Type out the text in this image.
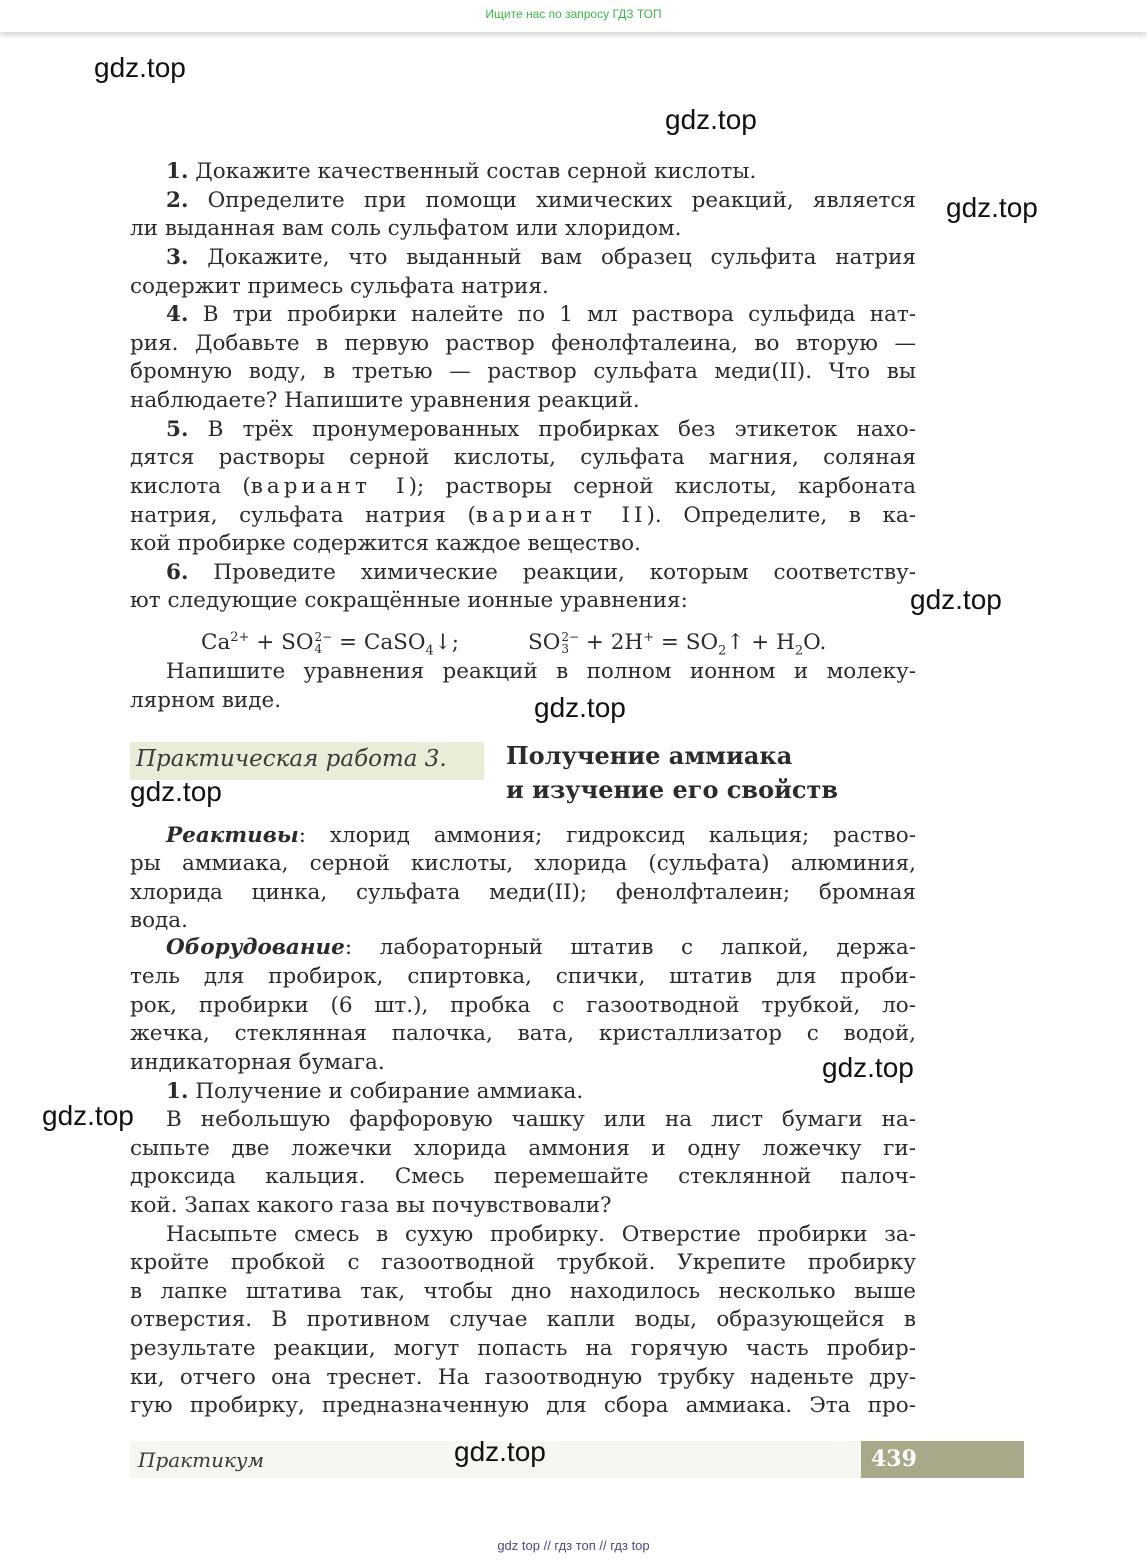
Ищите нас по запросу ГДЗ ТОП
gdz.top
gdz.top
gdz.top
gdz.top
gdz.top
gdz.top
gdz.top
gdz.top
gdz.top
1. Докажите качественный состав серной кислоты.
2. Определите при помощи химических реакций, является
ли выданная вам соль сульфатом или хлоридом.
3. Докажите, что выданный вам образец сульфита натрия
содержит примесь сульфата натрия.
4. В три пробирки налейте по 1 мл раствора сульфида нат-
рия. Добавьте в первую раствор фенолфталеина, во вторую —
бромную воду, в третью — раствор сульфата меди(II). Что вы
наблюдаете? Напишите уравнения реакций.
5. В трёх пронумерованных пробирках без этикеток нахо-
дятся растворы серной кислоты, сульфата магния, соляная
кислота (вариант I); растворы серной кислоты, карбоната
натрия, сульфата натрия (вариант II). Определите, в ка-
кой пробирке содержится каждое вещество.
6. Проведите химические реакции, которым соответству-
ют следующие сокращённые ионные уравнения:
$Ca^{2+}$ + SO 2−
4 = CaSO$_4$↓;	SO 2−
$3 + 2H^+ = SO_2↑ + H_2O$.
Напишите уравнения реакций в полном ионном и молеку-
лярном виде.
Практическая работа 3. Получение аммиака
и изучение его свойств
Реактивы: хлорид аммония; гидроксид кальция; раство-
ры аммиака, серной кислоты, хлорида (сульфата) алюминия,
хлорида цинка, сульфата меди(II); фенолфталеин; бромная
вода.
Оборудование: лабораторный штатив с лапкой, держа-
тель для пробирок, спиртовка, спички, штатив для проби-
рок, пробирки (6 шт.), пробка с газоотводной трубкой, ло-
жечка, стеклянная палочка, вата, кристаллизатор с водой,
индикаторная бумага.
1. Получение и собирание аммиака.
В небольшую фарфоровую чашку или на лист бумаги на-
сыпьте две ложечки хлорида аммония и одну ложечку ги-
дроксида кальция. Смесь перемешайте стеклянной палоч-
кой. Запах какого газа вы почувствовали?
Насыпьте смесь в сухую пробирку. Отверстие пробирки за-
кройте пробкой с газоотводной трубкой. Укрепите пробирку
в лапке штатива так, чтобы дно находилось несколько выше
отверстия. В противном случае капли воды, образующейся в
результате реакции, могут попасть на горячую часть пробир-
ки, отчего она треснет. На газоотводную трубку наденьте дру-
гую пробирку, предназначенную для сбора аммиака. Эта про-
Практикум	439
gdz top // гдз топ // гдз top
